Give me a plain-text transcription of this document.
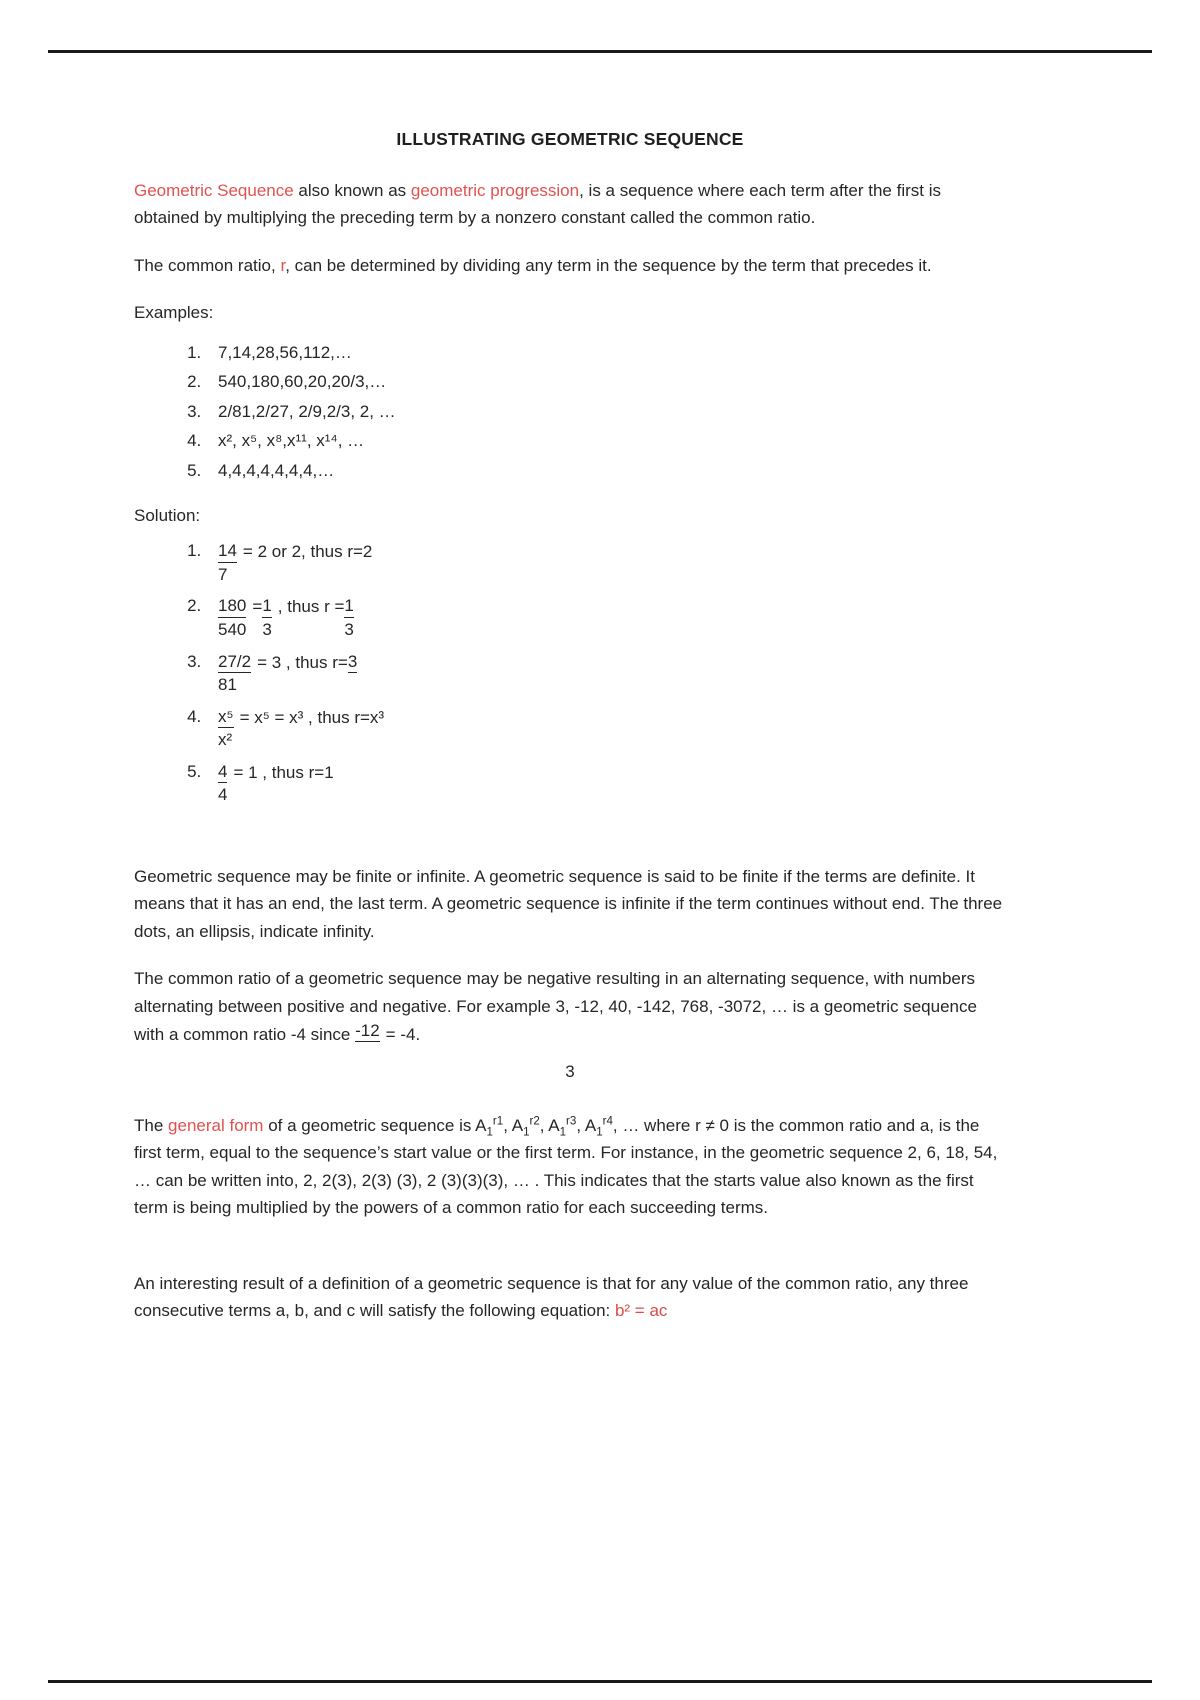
ILLUSTRATING GEOMETRIC SEQUENCE

Geometric Sequence also known as geometric progression, is a sequence where each term after the first is obtained by multiplying the preceding term by a nonzero constant called the common ratio.

The common ratio, r, can be determined by dividing any term in the sequence by the term that precedes it.

Examples:

1. 7,14,28,56,112,…
2. 540,180,60,20,20/3,…
3. 2/81,2/27, 2/9,2/3, 2, …
4. x², x⁵, x⁸,x¹¹, x¹⁴, …
5. 4,4,4,4,4,4,4,…

Solution:

1. $\frac{14}{7} = 2$ or 2, thus r=2
2. $\frac{180}{540} = \frac{1}{3}$ , thus $r = \frac{1}{3}$
3. $\frac{27/2}{81} = 3$ , thus r= 3
4. $\frac{\text{x⁵}}{\text{x²}} = x^5 = x^3$ , thus r=x³
5. $\frac{4}{4} = 1$ , thus r=1

Geometric sequence may be finite or infinite. A geometric sequence is said to be finite if the terms are definite. It means that it has an end, the last term. A geometric sequence is infinite if the term continues without end. The three dots, an ellipsis, indicate infinity.

The common ratio of a geometric sequence may be negative resulting in an alternating sequence, with numbers alternating between positive and negative. For example 3, -12, 40, -142, 768, -3072, … is a geometric sequence with a common ratio -4 since -12 = -4.

3

The general form of a geometric sequence is $A_1^{r1}$, $A_1^{r2}$, $A_1^{r3}$, $A_1^{r4}$, … where r ≠ 0 is the common ratio and a, is the first term, equal to the sequence’s start value or the first term. For instance, in the geometric sequence 2, 6, 18, 54, … can be written into, 2, 2(3), 2(3) (3), 2 (3)(3)(3), … . This indicates that the starts value also known as the first term is being multiplied by the powers of a common ratio for each succeeding terms.

An interesting result of a definition of a geometric sequence is that for any value of the common ratio, any three consecutive terms a, b, and c will satisfy the following equation: b² = ac
